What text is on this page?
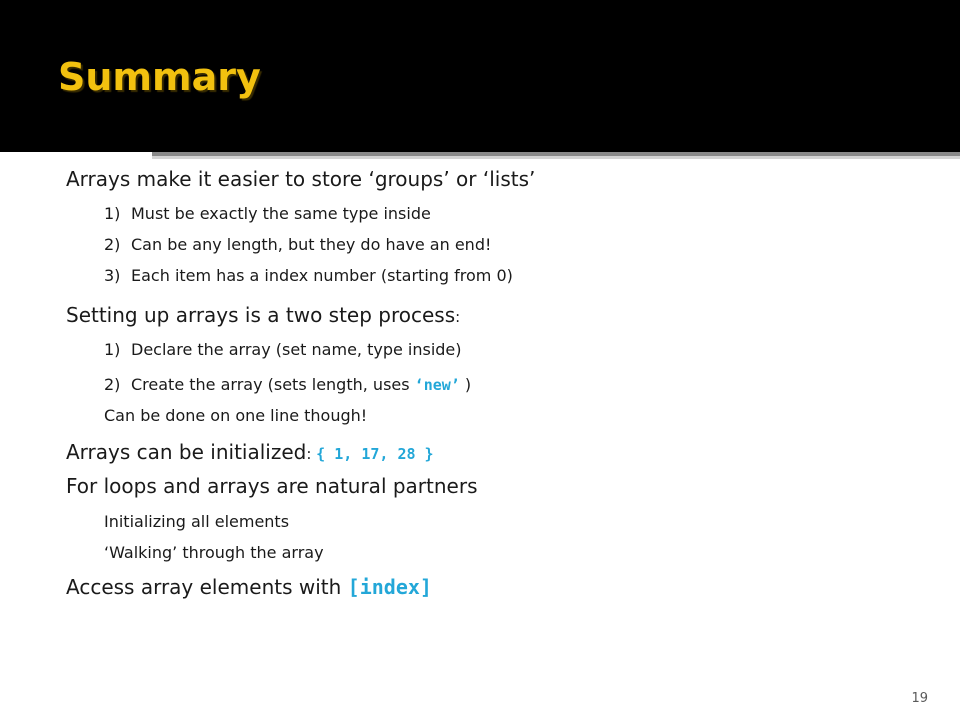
Summary
Arrays make it easier to store ‘groups’ or ‘lists’
1) Must be exactly the same type inside
2) Can be any length, but they do have an end!
3) Each item has a index number (starting from 0)
Setting up arrays is a two step process:
1) Declare the array (set name, type inside)
2) Create the array (sets length, uses ‘new’ )
Can be done on one line though!
Arrays can be initialized: { 1, 17, 28 }
For loops and arrays are natural partners
Initializing all elements
‘Walking’ through the array
Access array elements with [index]
19
